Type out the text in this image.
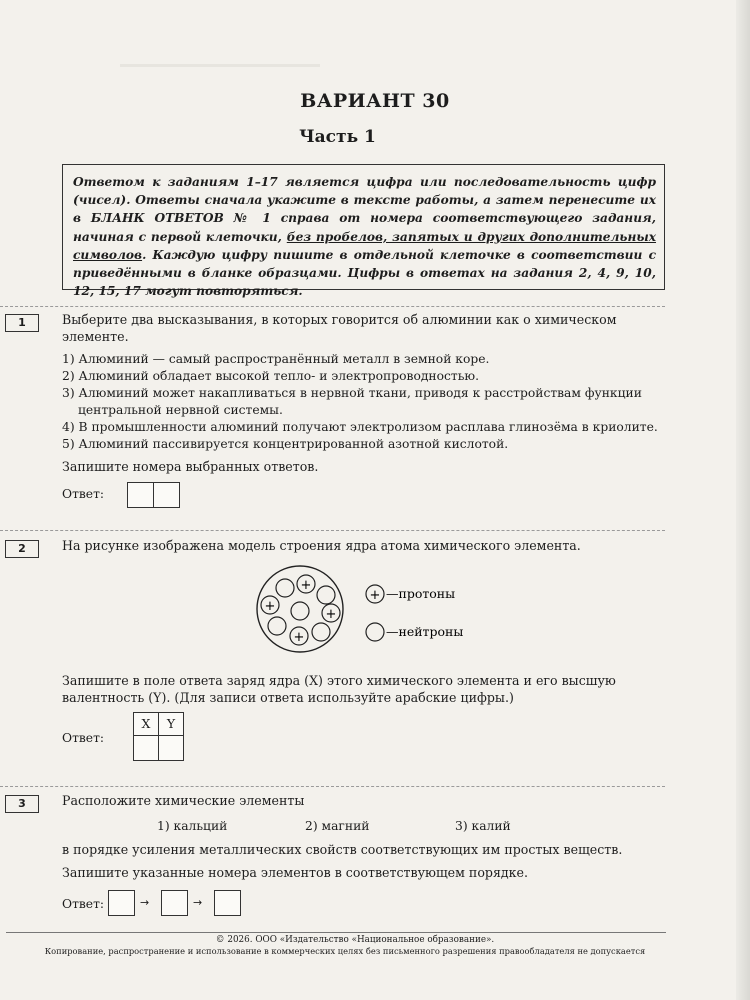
ВАРИАНТ 30
Часть 1
Ответом к заданиям 1–17 является цифра или последовательность цифр (чисел). Ответы сначала укажите в тексте работы, а затем перенесите их в БЛАНК ОТВЕТОВ № 1 справа от номера соответствующего задания, начиная с первой клеточки, без пробелов, запятых и других дополнительных символов. Каждую цифру пишите в отдельной клеточке в соответствии с приведёнными в бланке образцами. Цифры в ответах на задания 2, 4, 9, 10, 12, 15, 17 могут повторяться.
1	Выберите два высказывания, в которых говорится об алюминии как о химическом элементе.
1) Алюминий — самый распространённый металл в земной коре.
2) Алюминий обладает высокой тепло- и электропроводностью.
3) Алюминий может накапливаться в нервной ткани, приводя к расстройствам функции
центральной нервной системы.
4) В промышленности алюминий получают электролизом расплава глинозёма в криолите.
5) Алюминий пассивируется концентрированной азотной кислотой.
Запишите номера выбранных ответов.
Ответ:
2	На рисунке изображена модель строения ядра атома химического элемента.
+
+
+
+
+ —протоны
—нейтроны
Запишите в поле ответа заряд ядра (X) этого химического элемента и его высшую валентность (Y). (Для записи ответа используйте арабские цифры.)
Ответ:
X	Y
3	Расположите химические элементы
1) кальций	2) магний	3) калий
в порядке усиления металлических свойств соответствующих им простых веществ.
Запишите указанные номера элементов в соответствующем порядке.
Ответ:	→	→
© 2026. ООО «Издательство «Национальное образование».
Копирование, распространение и использование в коммерческих целях без письменного разрешения правообладателя не допускается
